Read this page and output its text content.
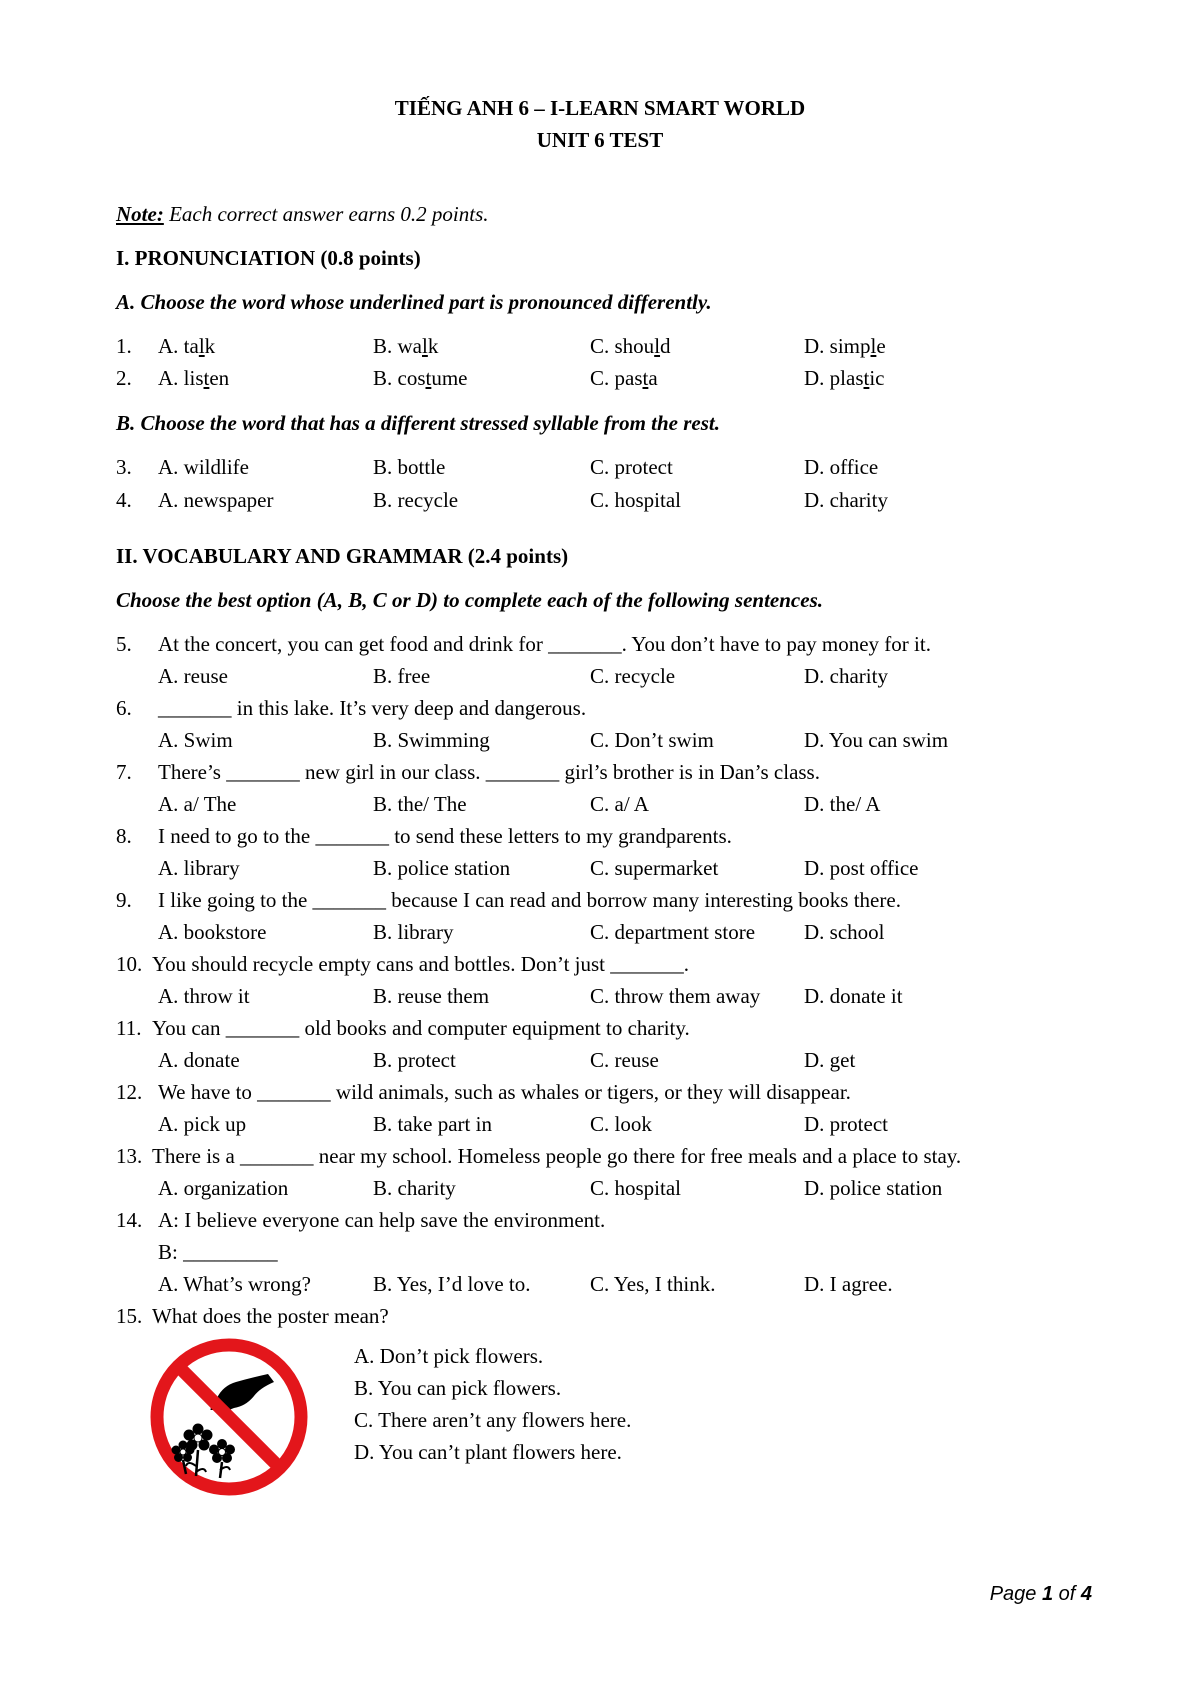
TIẾNG ANH 6 – I-LEARN SMART WORLD
UNIT 6 TEST
Note: Each correct answer earns 0.2 points.
I. PRONUNCIATION (0.8 points)
A. Choose the word whose underlined part is pronounced differently.
1. A. talk	B. walk	C. should	D. simple
2. A. listen	B. costume	C. pasta	D. plastic
B. Choose the word that has a different stressed syllable from the rest.
3. A. wildlife	B. bottle	C. protect	D. office
4. A. newspaper	B. recycle	C. hospital	D. charity
II. VOCABULARY AND GRAMMAR (2.4 points)
Choose the best option (A, B, C or D) to complete each of the following sentences.
5. At the concert, you can get food and drink for _______. You don’t have to pay money for it.
A. reuse	B. free	C. recycle	D. charity
6. _______ in this lake. It’s very deep and dangerous.
A. Swim	B. Swimming	C. Don’t swim	D. You can swim
7. There’s _______ new girl in our class. _______ girl’s brother is in Dan’s class.
A. a/ The	B. the/ The	C. a/ A	D. the/ A
8. I need to go to the _______ to send these letters to my grandparents.
A. library	B. police station	C. supermarket	D. post office
9. I like going to the _______ because I can read and borrow many interesting books there.
A. bookstore	B. library	C. department store D. school
10. You should recycle empty cans and bottles. Don’t just _______.
A. throw it	B. reuse them	C. throw them away D. donate it
11. You can _______ old books and computer equipment to charity.
A. donate	B. protect	C. reuse	D. get
12. We have to _______ wild animals, such as whales or tigers, or they will disappear.
A. pick up	B. take part in	C. look	D. protect
13. There is a _______ near my school. Homeless people go there for free meals and a place to stay.
A. organization	B. charity	C. hospital	D. police station
14. A: I believe everyone can help save the environment.
B: _________
A. What’s wrong?	B. Yes, I’d love to.	C. Yes, I think.	D. I agree.
15. What does the poster mean?
A. Don’t pick flowers.
B. You can pick flowers.
C. There aren’t any flowers here.
D. You can’t plant flowers here.
Page 1 of 4
